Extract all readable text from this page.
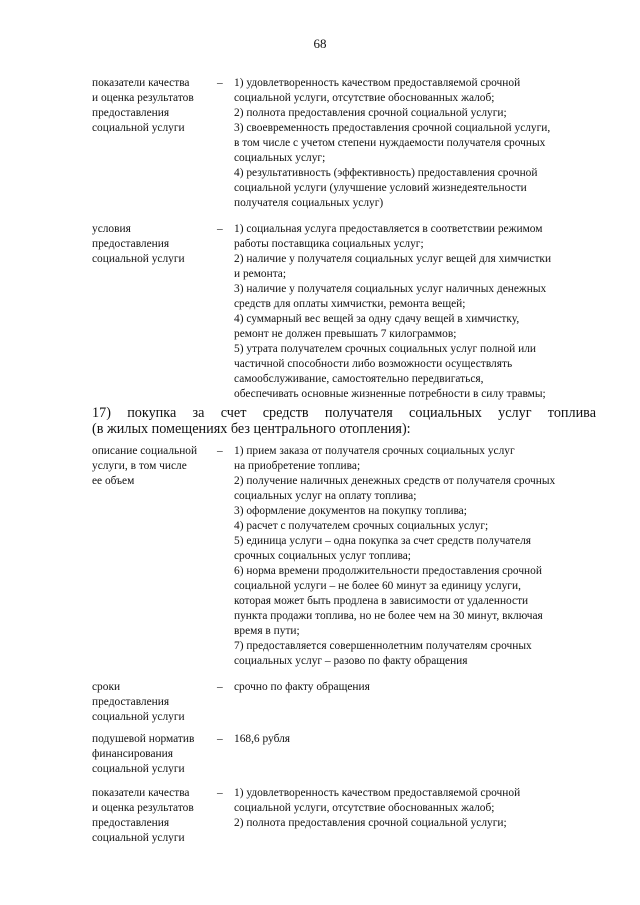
68
показатели качества
и оценка результатов
предоставления
социальной услуги
– 1) удовлетворенность качеством предоставляемой срочной
социальной услуги, отсутствие обоснованных жалоб;
2) полнота предоставления срочной социальной услуги;
3) своевременность предоставления срочной социальной услуги,
в том числе с учетом степени нуждаемости получателя срочных
социальных услуг;
4) результативность (эффективность) предоставления срочной
социальной услуги (улучшение условий жизнедеятельности
получателя социальных услуг)
условия
предоставления
социальной услуги
– 1) социальная услуга предоставляется в соответствии режимом
работы поставщика социальных услуг;
2) наличие у получателя социальных услуг вещей для химчистки
и ремонта;
3) наличие у получателя социальных услуг наличных денежных
средств для оплаты химчистки, ремонта вещей;
4) суммарный вес вещей за одну сдачу вещей в химчистку,
ремонт не должен превышать 7 килограммов;
5) утрата получателем срочных социальных услуг полной или
частичной способности либо возможности осуществлять
самообслуживание, самостоятельно передвигаться,
обеспечивать основные жизненные потребности в силу травмы;
17) покупка за счет средств получателя социальных услуг топлива
(в жилых помещениях без центрального отопления):
описание социальной
услуги, в том числе
ее объем
– 1) прием заказа от получателя срочных социальных услуг
на приобретение топлива;
2) получение наличных денежных средств от получателя срочных
социальных услуг на оплату топлива;
3) оформление документов на покупку топлива;
4) расчет с получателем срочных социальных услуг;
5) единица услуги – одна покупка за счет средств получателя
срочных социальных услуг топлива;
6) норма времени продолжительности предоставления срочной
социальной услуги – не более 60 минут за единицу услуги,
которая может быть продлена в зависимости от удаленности
пункта продажи топлива, но не более чем на 30 минут, включая
время в пути;
7) предоставляется совершеннолетним получателям срочных
социальных услуг – разово по факту обращения
сроки
предоставления
социальной услуги
– срочно по факту обращения
подушевой норматив
финансирования
социальной услуги
– 168,6 рубля
показатели качества
и оценка результатов
предоставления
социальной услуги
– 1) удовлетворенность качеством предоставляемой срочной
социальной услуги, отсутствие обоснованных жалоб;
2) полнота предоставления срочной социальной услуги;
